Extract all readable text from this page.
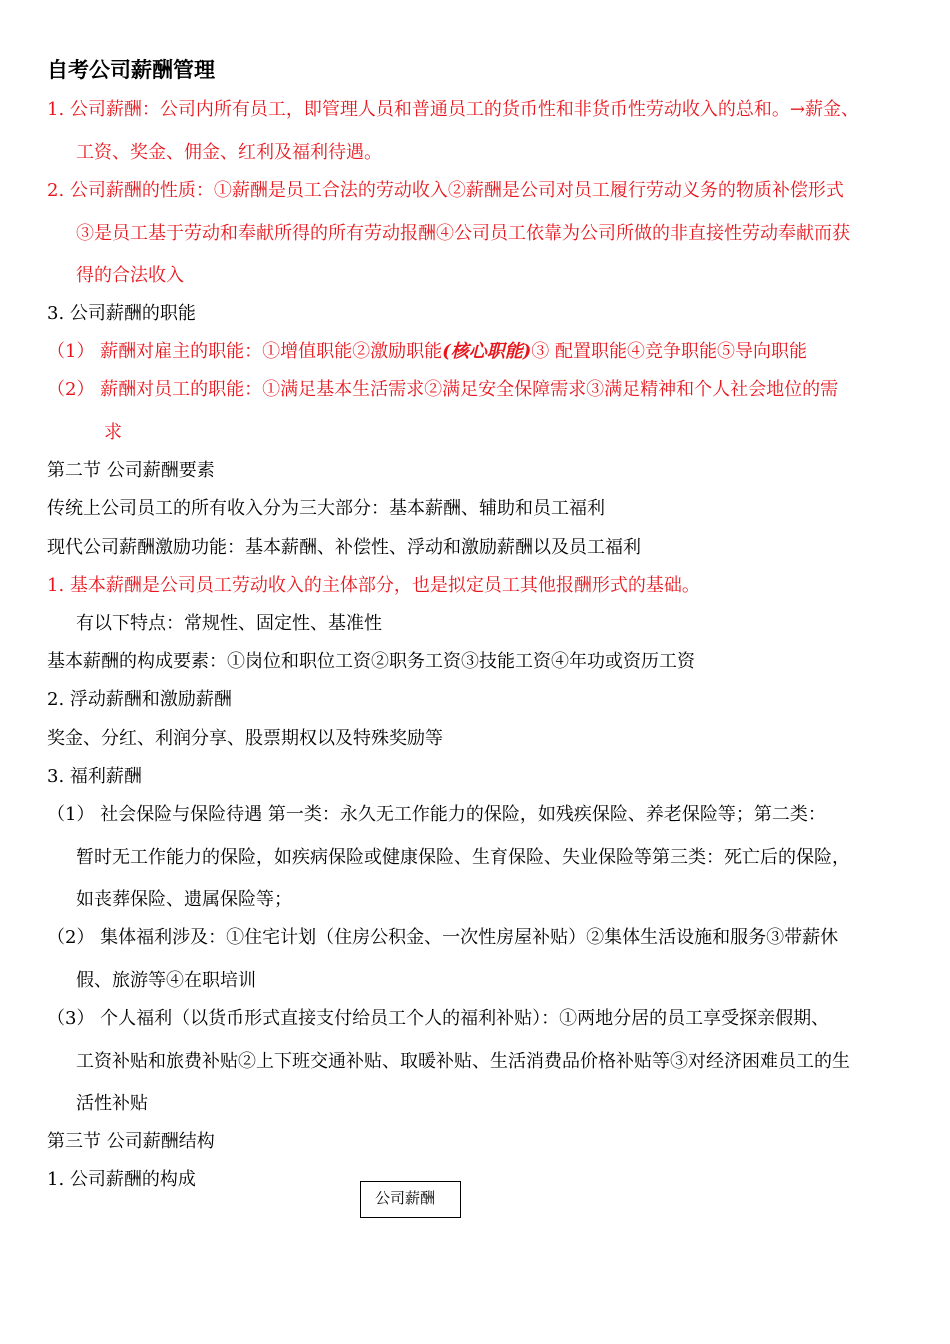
自考公司薪酬管理
1. 公司薪酬：公司内所有员工，即管理人员和普通员工的货币性和非货币性劳动收入的总和。→薪金、
工资、奖金、佣金、红利及福利待遇。
2. 公司薪酬的性质：①薪酬是员工合法的劳动收入②薪酬是公司对员工履行劳动义务的物质补偿形式
③是员工基于劳动和奉献所得的所有劳动报酬④公司员工依靠为公司所做的非直接性劳动奉献而获
得的合法收入
3. 公司薪酬的职能
（1） 薪酬对雇主的职能：①增值职能②激励职能(核心职能)③ 配置职能④竞争职能⑤导向职能
（2） 薪酬对员工的职能：①满足基本生活需求②满足安全保障需求③满足精神和个人社会地位的需
求
第二节 公司薪酬要素
传统上公司员工的所有收入分为三大部分：基本薪酬、辅助和员工福利
现代公司薪酬激励功能：基本薪酬、补偿性、浮动和激励薪酬以及员工福利
1. 基本薪酬是公司员工劳动收入的主体部分，也是拟定员工其他报酬形式的基础。
有以下特点：常规性、固定性、基准性
基本薪酬的构成要素：①岗位和职位工资②职务工资③技能工资④年功或资历工资
2. 浮动薪酬和激励薪酬
奖金、分红、利润分享、股票期权以及特殊奖励等
3. 福利薪酬
（1） 社会保险与保险待遇 第一类：永久无工作能力的保险，如残疾保险、养老保险等；第二类：
暂时无工作能力的保险，如疾病保险或健康保险、生育保险、失业保险等第三类：死亡后的保险，
如丧葬保险、遗属保险等；
（2） 集体福利涉及：①住宅计划（住房公积金、一次性房屋补贴）②集体生活设施和服务③带薪休
假、旅游等④在职培训
（3） 个人福利（以货币形式直接支付给员工个人的福利补贴）：①两地分居的员工享受探亲假期、
工资补贴和旅费补贴②上下班交通补贴、取暖补贴、生活消费品价格补贴等③对经济困难员工的生
活性补贴
第三节 公司薪酬结构
1. 公司薪酬的构成
公司薪酬
